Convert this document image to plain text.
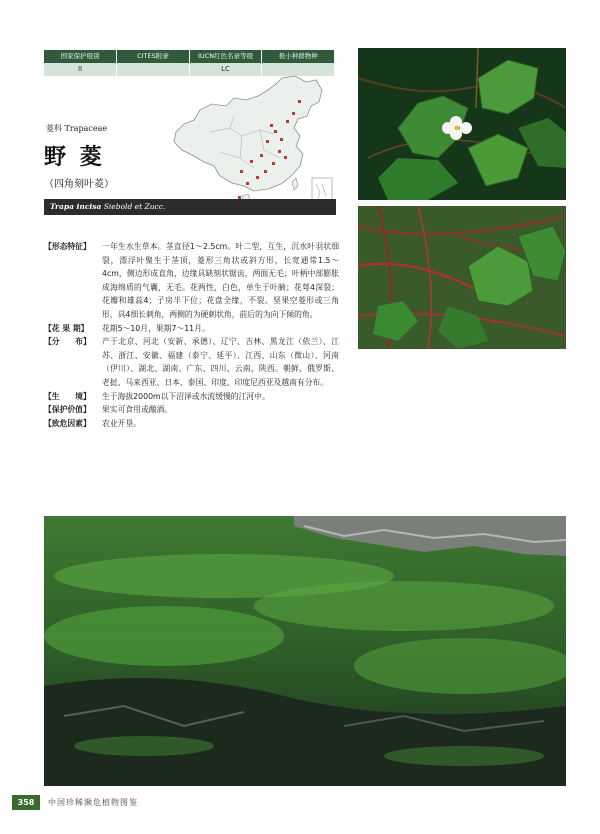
国家保护级别	CITES附录	IUCN红色名录等级	极小种群物种
II		LC	
菱科 Trapaceae
野 菱
（四角刻叶菱）
Trapa incisa Siebold et Zucc.
【形态特征】	一年生水生草本。茎直径1～2.5cm。叶二型，互生，沉水叶羽状细裂，漂浮叶聚生于茎顶，菱形三角状或斜方形，长宽通常1.5～4cm，侧边形成直角，边缘具缺刻状锯齿，两面无毛；叶柄中部膨胀成海绵质的气囊，无毛。花两性，白色，单生于叶腋；花萼4深裂；花瓣和雄蕊4；子房半下位；花盘全缘，不裂。坚果空菱形或三角形，具4细长刺角，两侧的为硬刺状角，前后的为向下倾的角。
【花 果 期】	花期5～10月，果期7～11月。
【分　　布】	产于北京、河北（安新、承德）、辽宁、吉林、黑龙江（依兰）、江苏、浙江、安徽、福建（泰宁、延平）、江西、山东（微山）、河南（伊川）、湖北、湖南、广东、四川、云南、陕西。朝鲜、俄罗斯、老挝、马来西亚、日本、泰国、印度、印度尼西亚及越南有分布。
【生　　境】	生于海拔2000m以下沼泽或水流缓慢的江河中。
【保护价值】	果实可食用或酿酒。
【致危因素】	农业开垦。
358	中国珍稀濒危植物图鉴
